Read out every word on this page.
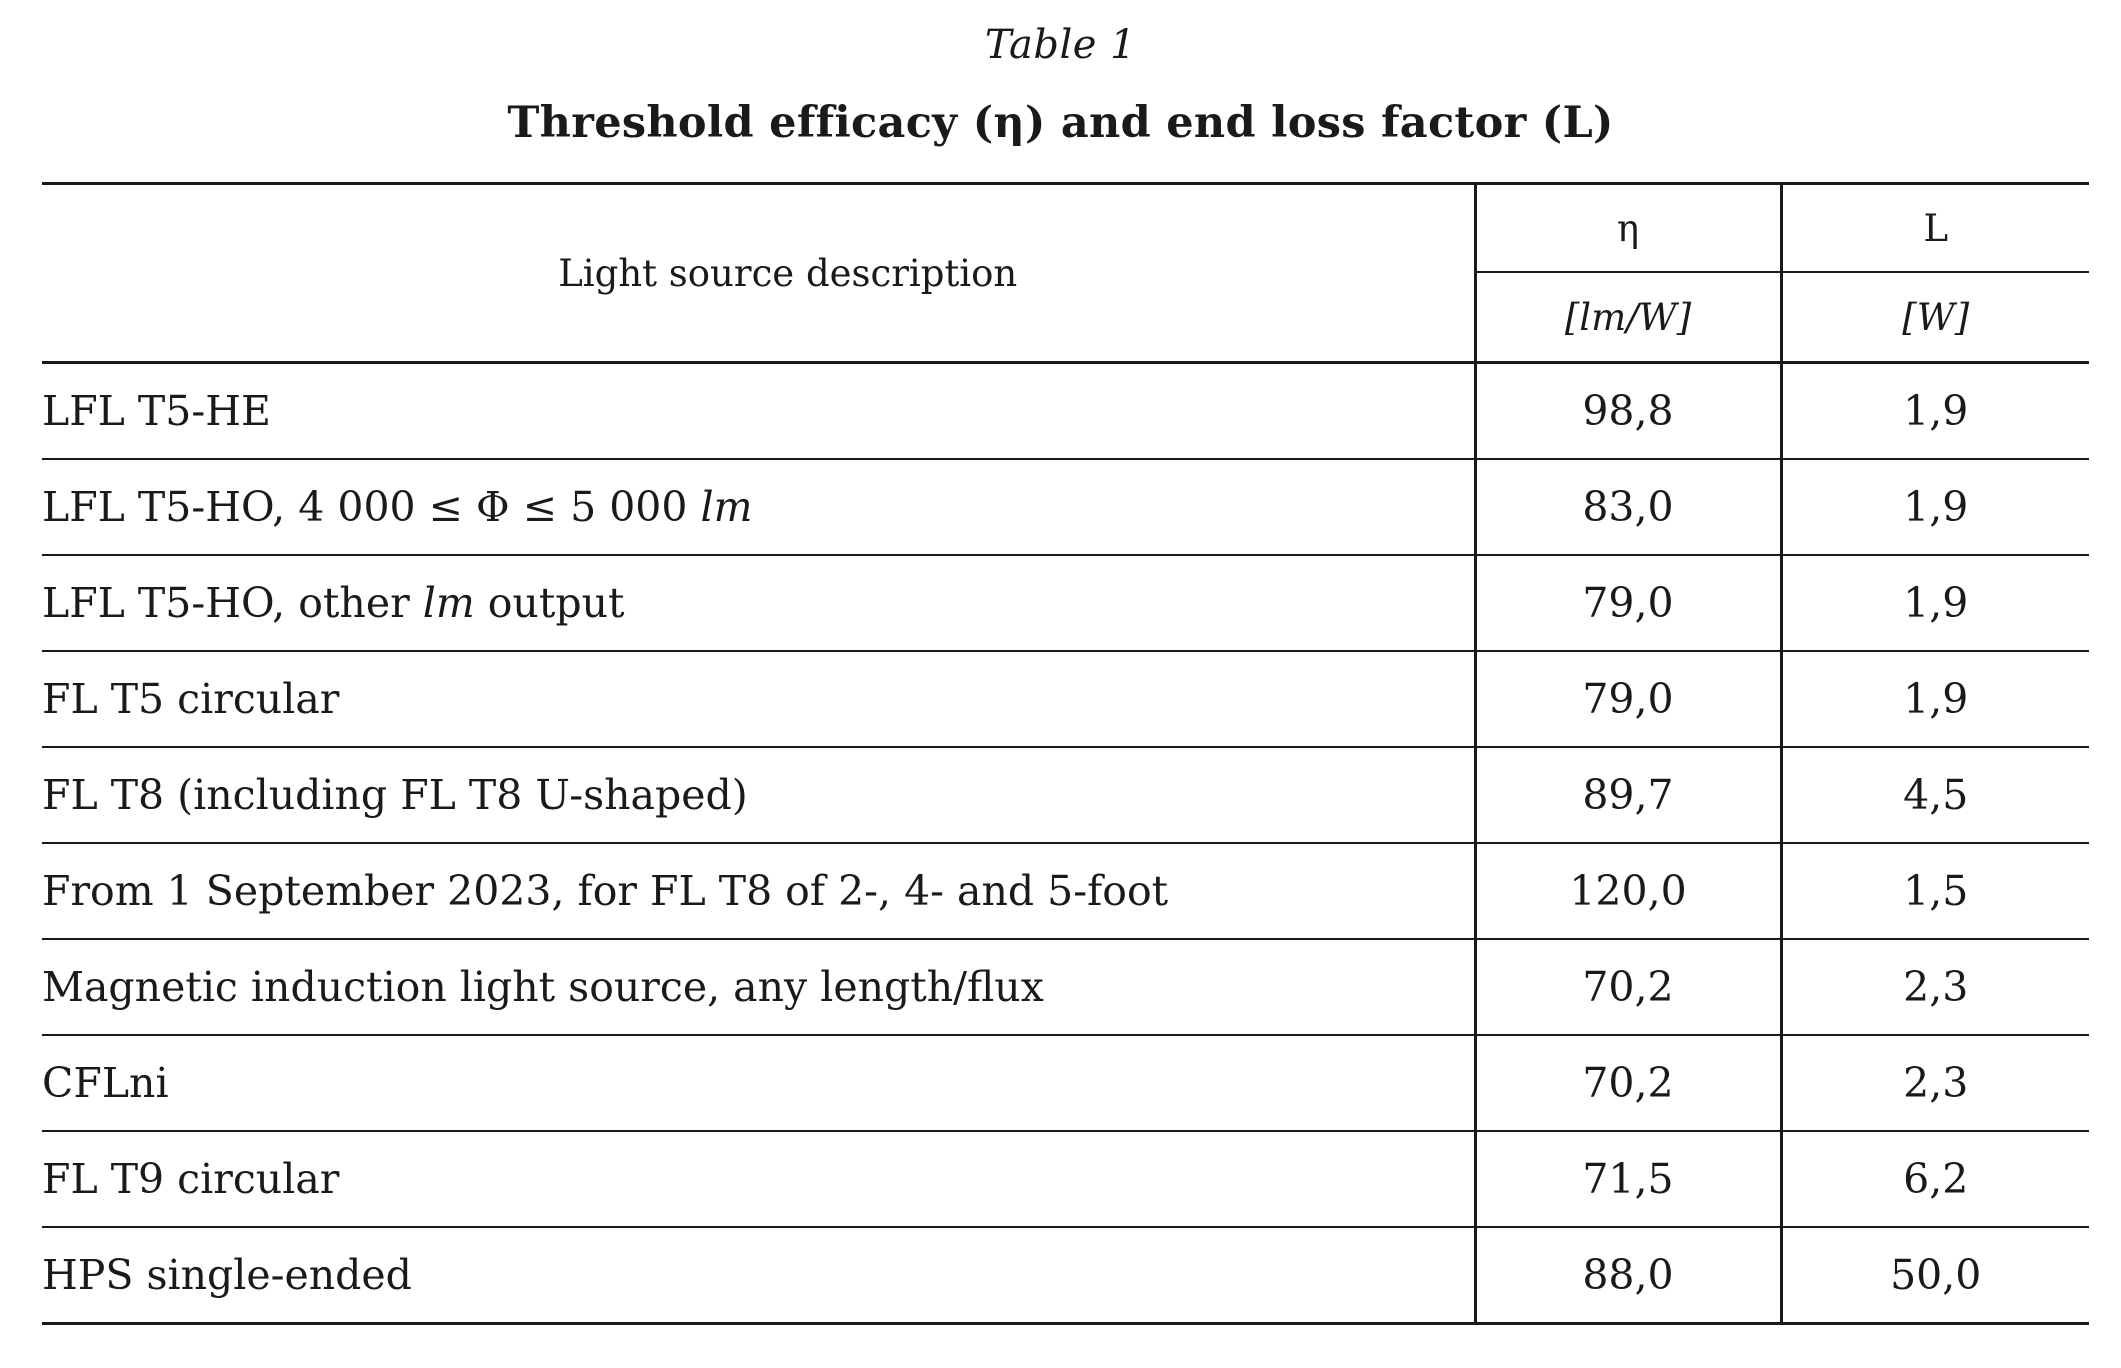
Table 1
Threshold efficacy (η) and end loss factor (L)
Light source description	η	L
	[lm/W]	[W]
LFL T5-HE	98,8	1,9
LFL T5-HO, 4 000 ≤ Φ ≤ 5 000 lm	83,0	1,9
LFL T5-HO, other lm output	79,0	1,9
FL T5 circular	79,0	1,9
FL T8 (including FL T8 U-shaped)	89,7	4,5
From 1 September 2023, for FL T8 of 2-, 4- and 5-foot	120,0	1,5
Magnetic induction light source, any length/flux	70,2	2,3
CFLni	70,2	2,3
FL T9 circular	71,5	6,2
HPS single-ended	88,0	50,0
